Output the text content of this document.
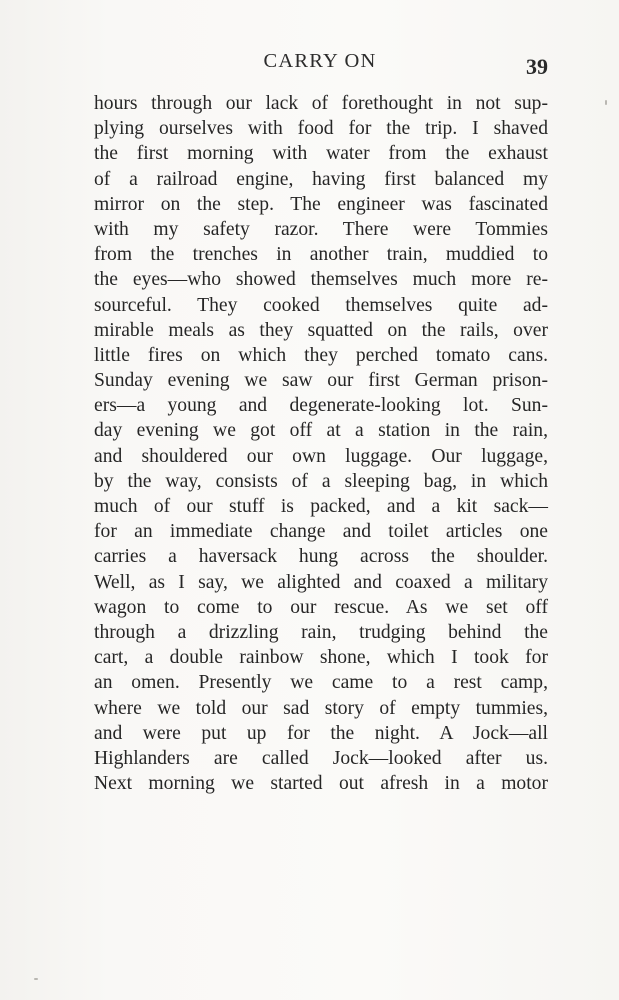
CARRY ON	39
hours through our lack of forethought in not sup-
plying ourselves with food for the trip. I shaved
the first morning with water from the exhaust
of a railroad engine, having first balanced my
mirror on the step. The engineer was fascinated
with my safety razor. There were Tommies
from the trenches in another train, muddied to
the eyes—who showed themselves much more re-
sourceful. They cooked themselves quite ad-
mirable meals as they squatted on the rails, over
little fires on which they perched tomato cans.
Sunday evening we saw our first German prison-
ers—a young and degenerate-looking lot. Sun-
day evening we got off at a station in the rain,
and shouldered our own luggage. Our luggage,
by the way, consists of a sleeping bag, in which
much of our stuff is packed, and a kit sack—
for an immediate change and toilet articles one
carries a haversack hung across the shoulder.
Well, as I say, we alighted and coaxed a military
wagon to come to our rescue. As we set off
through a drizzling rain, trudging behind the
cart, a double rainbow shone, which I took for
an omen. Presently we came to a rest camp,
where we told our sad story of empty tummies,
and were put up for the night. A Jock—all
Highlanders are called Jock—looked after us.
Next morning we started out afresh in a motor
